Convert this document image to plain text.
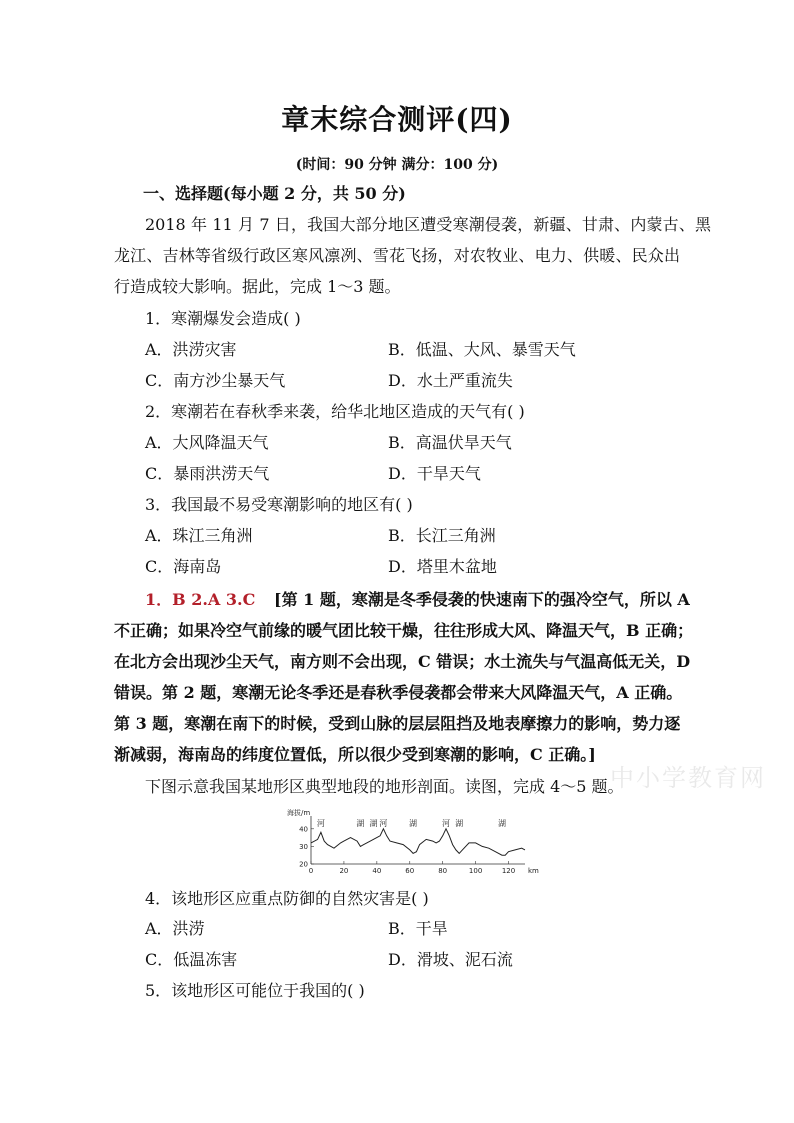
章末综合测评(四)
(时间：90 分钟 满分：100 分)
一、选择题(每小题 2 分，共 50 分)
2018 年 11 月 7 日，我国大部分地区遭受寒潮侵袭，新疆、甘肃、内蒙古、黑
龙江、吉林等省级行政区寒风凛冽、雪花飞扬，对农牧业、电力、供暖、民众出
行造成较大影响。据此，完成 1～3 题。
1．寒潮爆发会造成( )
A．洪涝灾害	B．低温、大风、暴雪天气
C．南方沙尘暴天气	D．水土严重流失
2．寒潮若在春秋季来袭，给华北地区造成的天气有( )
A．大风降温天气	B．高温伏旱天气
C．暴雨洪涝天气	D．干旱天气
3．我国最不易受寒潮影响的地区有( )
A．珠江三角洲	B．长江三角洲
C．海南岛	D．塔里木盆地
1．B 2.A 3.C [第 1 题，寒潮是冬季侵袭的快速南下的强冷空气，所以 A
不正确；如果冷空气前缘的暖气团比较干燥，往往形成大风、降温天气，B 正确；
在北方会出现沙尘天气，南方则不会出现，C 错误；水土流失与气温高低无关，D
错误。第 2 题，寒潮无论冬季还是春秋季侵袭都会带来大风降温天气，A 正确。
第 3 题，寒潮在南下的时候，受到山脉的层层阻挡及地表摩擦力的影响，势力逐
渐减弱，海南岛的纬度位置低，所以很少受到寒潮的影响，C 正确。]
中小学教育网
下图示意我国某地形区典型地段的地形剖面。读图，完成 4～5 题。
海拔/m
20
30
40
0	20	40	60	80	100	120 km
河	湖 湖 河	湖	河 湖	湖
4．该地形区应重点防御的自然灾害是( )
A．洪涝	B．干旱
C．低温冻害	D．滑坡、泥石流
5．该地形区可能位于我国的( )
